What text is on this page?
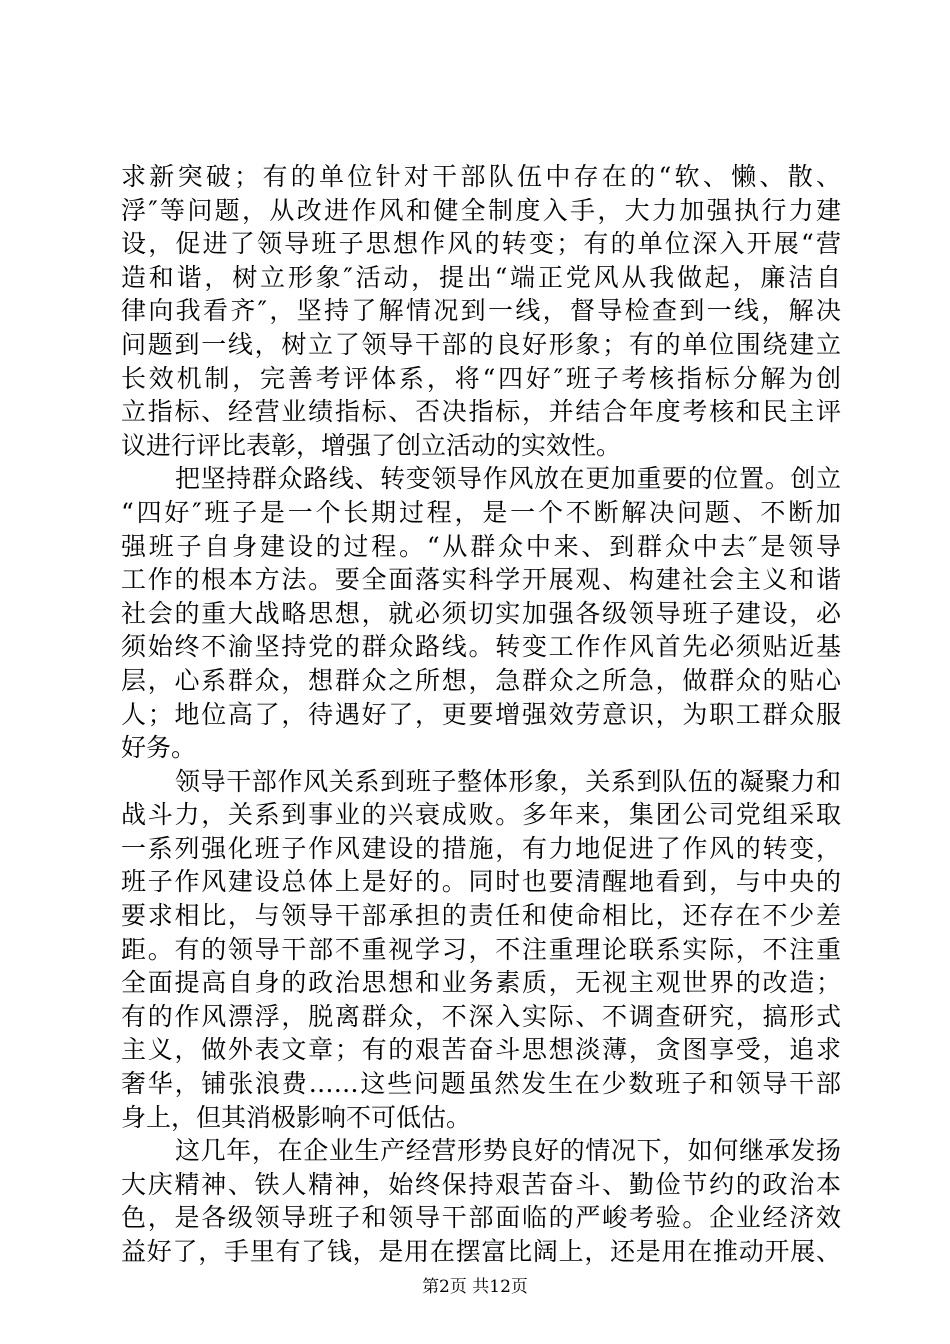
求新突破；有的单位针对干部队伍中存在的“软、懒、散、
浮″等问题，从改进作风和健全制度入手，大力加强执行力建
设，促进了领导班子思想作风的转变；有的单位深入开展“营
造和谐，树立形象″活动，提出“端正党风从我做起，廉洁自
律向我看齐″，坚持了解情况到一线，督导检查到一线，解决
问题到一线，树立了领导干部的良好形象；有的单位围绕建立
长效机制，完善考评体系，将“四好″班子考核指标分解为创
立指标、经营业绩指标、否决指标，并结合年度考核和民主评
议进行评比表彰，增强了创立活动的实效性。
把坚持群众路线、转变领导作风放在更加重要的位置。创立
“四好″班子是一个长期过程，是一个不断解决问题、不断加
强班子自身建设的过程。“从群众中来、到群众中去″是领导
工作的根本方法。要全面落实科学开展观、构建社会主义和谐
社会的重大战略思想，就必须切实加强各级领导班子建设，必
须始终不渝坚持党的群众路线。转变工作作风首先必须贴近基
层，心系群众，想群众之所想，急群众之所急，做群众的贴心
人；地位高了，待遇好了，更要增强效劳意识，为职工群众服
好务。
领导干部作风关系到班子整体形象，关系到队伍的凝聚力和
战斗力，关系到事业的兴衰成败。多年来，集团公司党组采取
一系列强化班子作风建设的措施，有力地促进了作风的转变，
班子作风建设总体上是好的。同时也要清醒地看到，与中央的
要求相比，与领导干部承担的责任和使命相比，还存在不少差
距。有的领导干部不重视学习，不注重理论联系实际，不注重
全面提高自身的政治思想和业务素质，无视主观世界的改造；
有的作风漂浮，脱离群众，不深入实际、不调查研究，搞形式
主义，做外表文章；有的艰苦奋斗思想淡薄，贪图享受，追求
奢华，铺张浪费……这些问题虽然发生在少数班子和领导干部
身上，但其消极影响不可低估。
这几年，在企业生产经营形势良好的情况下，如何继承发扬
大庆精神、铁人精神，始终保持艰苦奋斗、勤俭节约的政治本
色，是各级领导班子和领导干部面临的严峻考验。企业经济效
益好了，手里有了钱，是用在摆富比阔上，还是用在推动开展、
第2页 共12页
